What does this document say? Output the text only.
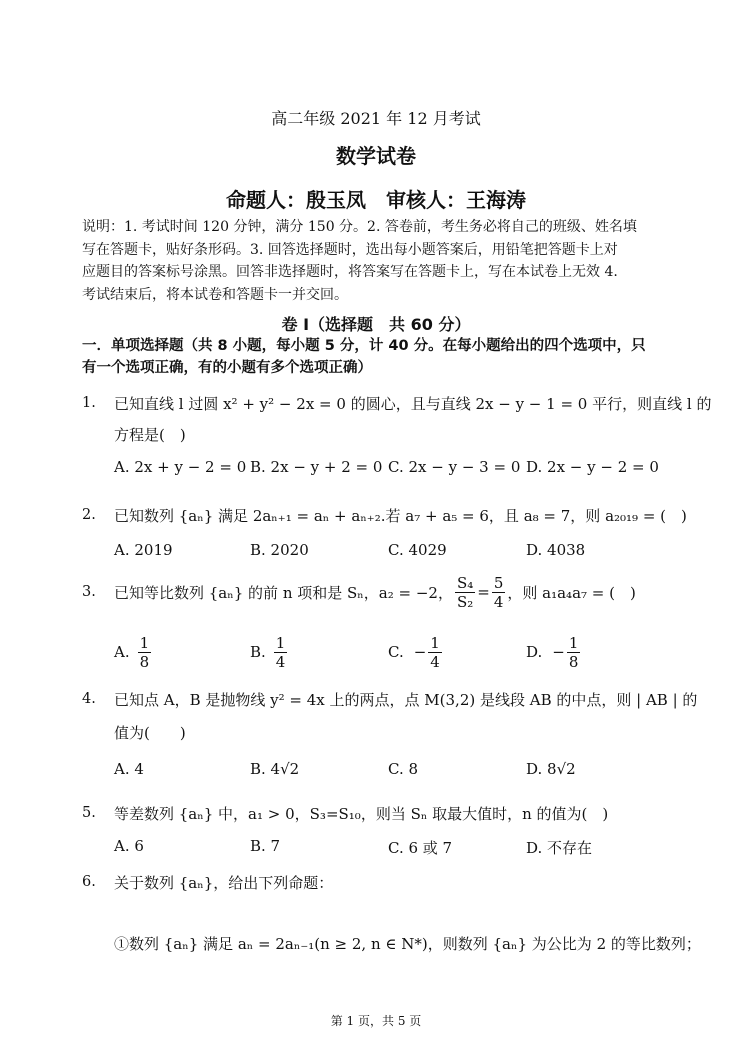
高二年级 2021 年 12 月考试
数学试卷
命题人：殷玉凤　审核人：王海涛
说明：1. 考试时间 120 分钟，满分 150 分。2. 答卷前，考生务必将自己的班级、姓名填
写在答题卡，贴好条形码。3. 回答选择题时，选出每小题答案后，用铅笔把答题卡上对
应题目的答案标号涂黑。回答非选择题时，将答案写在答题卡上，写在本试卷上无效 4.
考试结束后，将本试卷和答题卡一并交回。
卷 I（选择题　共 60 分）
一．单项选择题（共 8 小题，每小题 5 分，计 40 分。在每小题给出的四个选项中，只
有一个选项正确，有的小题有多个选项正确）
1. 已知直线 l 过圆 x² + y² − 2x = 0 的圆心，且与直线 2x − y − 1 = 0 平行，则直线 l 的
方程是(　)
A. 2x + y − 2 = 0 B. 2x − y + 2 = 0 C. 2x − y − 3 = 0 D. 2x − y − 2 = 0
2. 已知数列 {aₙ} 满足 2aₙ₊₁ = aₙ + aₙ₊₂.若 a₇ + a₅ = 6，且 a₈ = 7，则 a₂₀₁₉ = (　)
A. 2019	B. 2020	C. 4029	D. 4038
3. 已知等比数列 {aₙ} 的前 n 项和是 Sₙ，a₂ = −2， $\frac{\text{S₄}}{\text{S₂}} = \frac{5}{4}$ ，则 a₁a₄a₇ = (　)
A. $\frac{1}{8}$	B. $\frac{1}{4}$	C. − $\frac{1}{4}$	D. − $\frac{1}{8}$
4. 已知点 A，B 是抛物线 y² = 4x 上的两点，点 M(3,2) 是线段 AB 的中点，则 | AB | 的
值为(　　)
A. 4	B. 4√2	C. 8	D. 8√2
5. 等差数列 {aₙ} 中，a₁ > 0，S₃=S₁₀，则当 Sₙ 取最大值时，n 的值为(　)
A. 6	B. 7	C. 6 或 7	D. 不存在
6. 关于数列 {aₙ}，给出下列命题：
①数列 {aₙ} 满足 aₙ = 2aₙ₋₁(n ≥ 2, n ∈ N*)，则数列 {aₙ} 为公比为 2 的等比数列；
第 1 页，共 5 页
